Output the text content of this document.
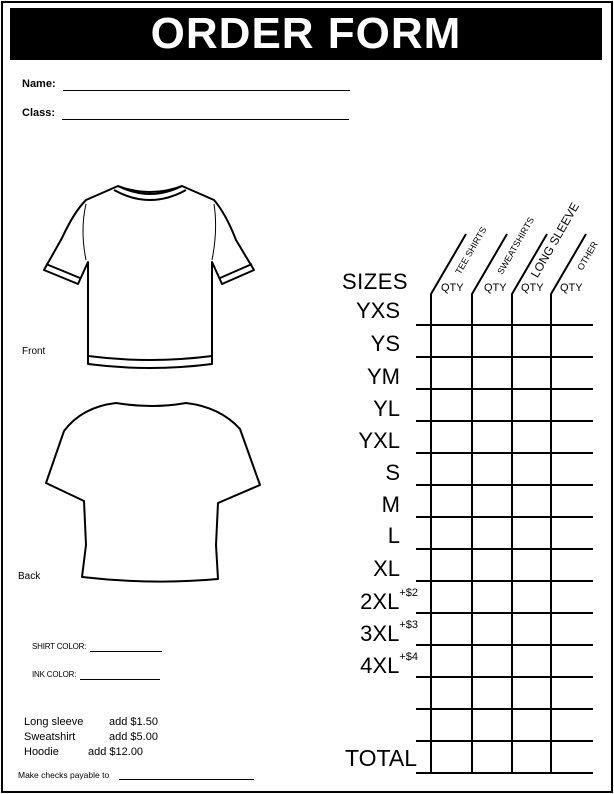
ORDER FORM
Name:
Class:
Front
Back
SHIRT COLOR:
INK COLOR:
Long sleeve add $1.50
Sweatshirt	add $5.00
Hoodie	add $12.00
Make checks payable to
SIZES
TEE SHIRTS SWEATSHIRTS
LONG SLEEVE
OTHER
QTY QTY QTY QTY
YXS
YS
YM
YL
YXL
S
M
L
XL
$2XL^{+\$2}$
$3XL^{+\$3}$
$4XL^{+\$4}$
TOTAL
